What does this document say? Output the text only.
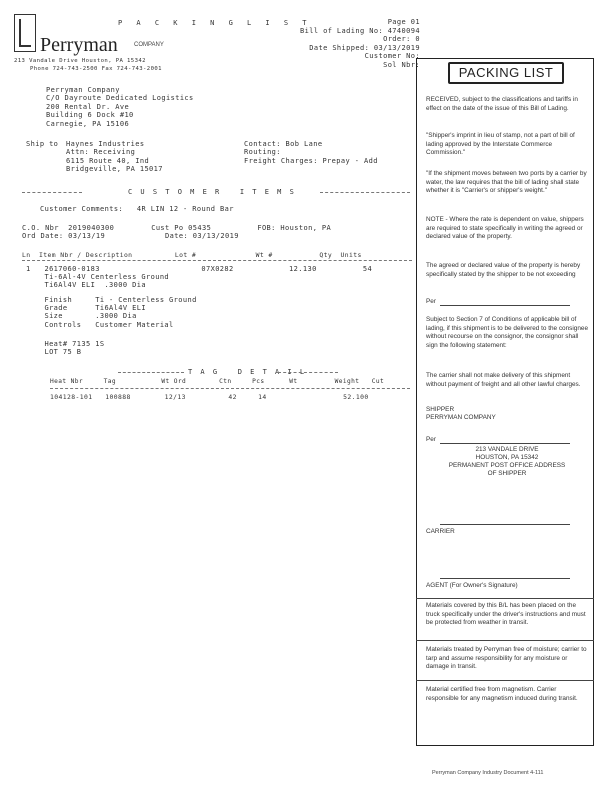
Perryman	COMPANY
213 Vandale Drive Houston, PA 15342
Phone 724-743-2500 Fax 724-743-2001
P A C K I N G L I S T	Page 01
Bill of Lading No: 4740094
Order: 0
Date Shipped: 03/13/2019
Customer No:
Sol Nbr:
Perryman Company
C/O Dayroute Dedicated Logistics
200 Rental Dr. Ave
Building 6 Dock #10
Carnegie, PA 15106
Ship to Haynes Industries
Attn: Receiving
6115 Route 40, Ind
Bridgeville, PA 15017
Contact: Bob Lane
Routing:
Freight Charges: Prepay - Add
C U S T O M E R   I T E M S
Customer Comments:   4R LIN 12 - Round Bar
C.O. Nbr  2019040300        Cust Po 05435          FOB: Houston, PA
Ord Date: 03/13/19             Date: 03/13/2019
Ln  Item Nbr / Description          Lot #              Wt #           Qty  Units
1   2617060-0183                      07X0282            12.130          54
Ti-6Al-4V Centerless Ground
Ti6Al4V ELI  .3000 Dia
Finish     Ti - Centerless Ground
Grade      Ti6Al4V ELI
Size       .3000 Dia
Controls   Customer Material
Heat# 7135 1S
LOT 75 B
T A G   D E T A I L
Heat Nbr     Tag           Wt Ord        Ctn     Pcs      Wt         Weight   Cut
104128-101   100888        12/13          42     14                  52.100
PACKING LIST
RECEIVED, subject to the classifications and tariffs in effect on the date of the issue of this Bill of Lading.
"Shipper's imprint in lieu of stamp, not a part of bill of lading approved by the Interstate Commerce Commission."
"If the shipment moves between two ports by a carrier by water, the law requires that the bill of lading shall state whether it is "Carrier's or shipper's weight."
NOTE - Where the rate is dependent on value, shippers are required to state specifically in writing the agreed or declared value of the property.
The agreed or declared value of the property is hereby specifically stated by the shipper to be not exceeding
Per
Subject to Section 7 of Conditions of applicable bill of lading, if this shipment is to be delivered to the consignee without recourse on the consignor, the consignor shall sign the following statement:
The carrier shall not make delivery of this shipment without payment of freight and all other lawful charges.
SHIPPER
PERRYMAN COMPANY
Per
213 VANDALE DRIVE
HOUSTON, PA 15342
PERMANENT POST OFFICE ADDRESS
OF SHIPPER
CARRIER
AGENT (For Owner's Signature)
Materials covered by this B/L has been placed on the truck specifically under the driver's instructions and must be protected from weather in transit.
Materials treated by Perryman free of moisture; carrier to tarp and assume responsibility for any moisture or damage in transit.
Material certified free from magnetism. Carrier responsible for any magnetism induced during transit.
Perryman Company Industry Document 4-111
